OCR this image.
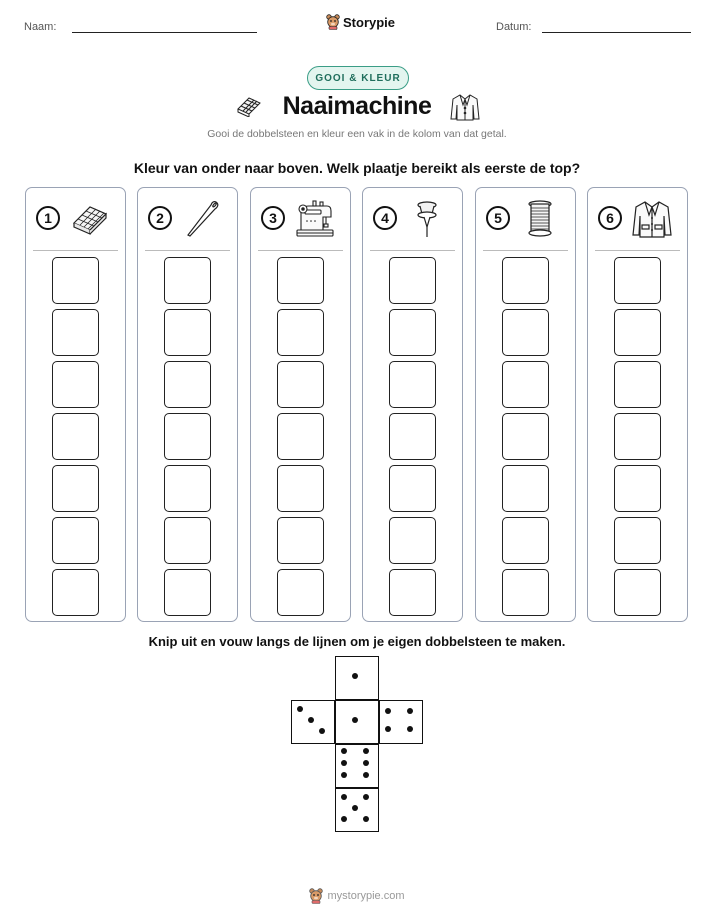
Naam:	Storypie	Datum:
GOOI & KLEUR
Naaimachine
Gooi de dobbelsteen en kleur een vak in de kolom van dat getal.
Kleur van onder naar boven. Welk plaatje bereikt als eerste de top?
1	2	3	4	5	6
Knip uit en vouw langs de lijnen om je eigen dobbelsteen te maken.
mystorypie.com
